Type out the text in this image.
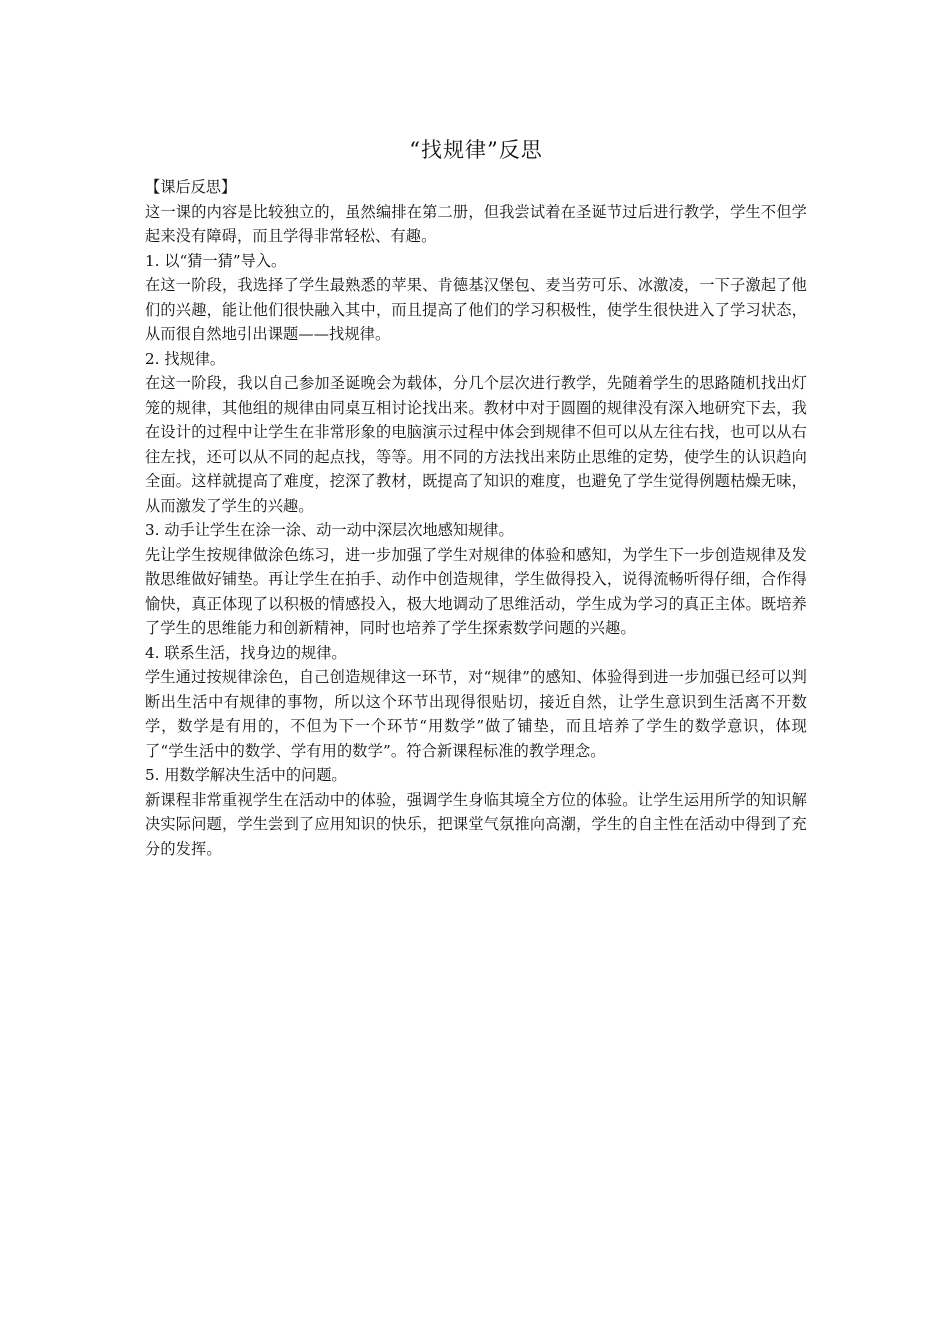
“找规律”反思

【课后反思】

这一课的内容是比较独立的，虽然编排在第二册，但我尝试着在圣诞节过后进行教学，学生不但学起来没有障碍，而且学得非常轻松、有趣。

1. 以“猜一猜”导入。

在这一阶段，我选择了学生最熟悉的苹果、肯德基汉堡包、麦当劳可乐、冰激凌，一下子激起了他们的兴趣，能让他们很快融入其中，而且提高了他们的学习积极性，使学生很快进入了学习状态，从而很自然地引出课题——找规律。

2. 找规律。

在这一阶段，我以自己参加圣诞晚会为载体，分几个层次进行教学，先随着学生的思路随机找出灯笼的规律，其他组的规律由同桌互相讨论找出来。教材中对于圆圈的规律没有深入地研究下去，我在设计的过程中让学生在非常形象的电脑演示过程中体会到规律不但可以从左往右找，也可以从右往左找，还可以从不同的起点找，等等。用不同的方法找出来防止思维的定势，使学生的认识趋向全面。这样就提高了难度，挖深了教材，既提高了知识的难度，也避免了学生觉得例题枯燥无味，从而激发了学生的兴趣。

3. 动手让学生在涂一涂、动一动中深层次地感知规律。

先让学生按规律做涂色练习，进一步加强了学生对规律的体验和感知，为学生下一步创造规律及发散思维做好铺垫。再让学生在拍手、动作中创造规律，学生做得投入，说得流畅听得仔细，合作得愉快，真正体现了以积极的情感投入，极大地调动了思维活动，学生成为学习的真正主体。既培养了学生的思维能力和创新精神，同时也培养了学生探索数学问题的兴趣。

4. 联系生活，找身边的规律。

学生通过按规律涂色，自己创造规律这一环节，对“规律”的感知、体验得到进一步加强已经可以判断出生活中有规律的事物，所以这个环节出现得很贴切，接近自然，让学生意识到生活离不开数学，数学是有用的，不但为下一个环节“用数学”做了铺垫，而且培养了学生的数学意识，体现了“学生活中的数学、学有用的数学”。符合新课程标准的教学理念。

5. 用数学解决生活中的问题。

新课程非常重视学生在活动中的体验，强调学生身临其境全方位的体验。让学生运用所学的知识解决实际问题，学生尝到了应用知识的快乐，把课堂气氛推向高潮，学生的自主性在活动中得到了充分的发挥。
